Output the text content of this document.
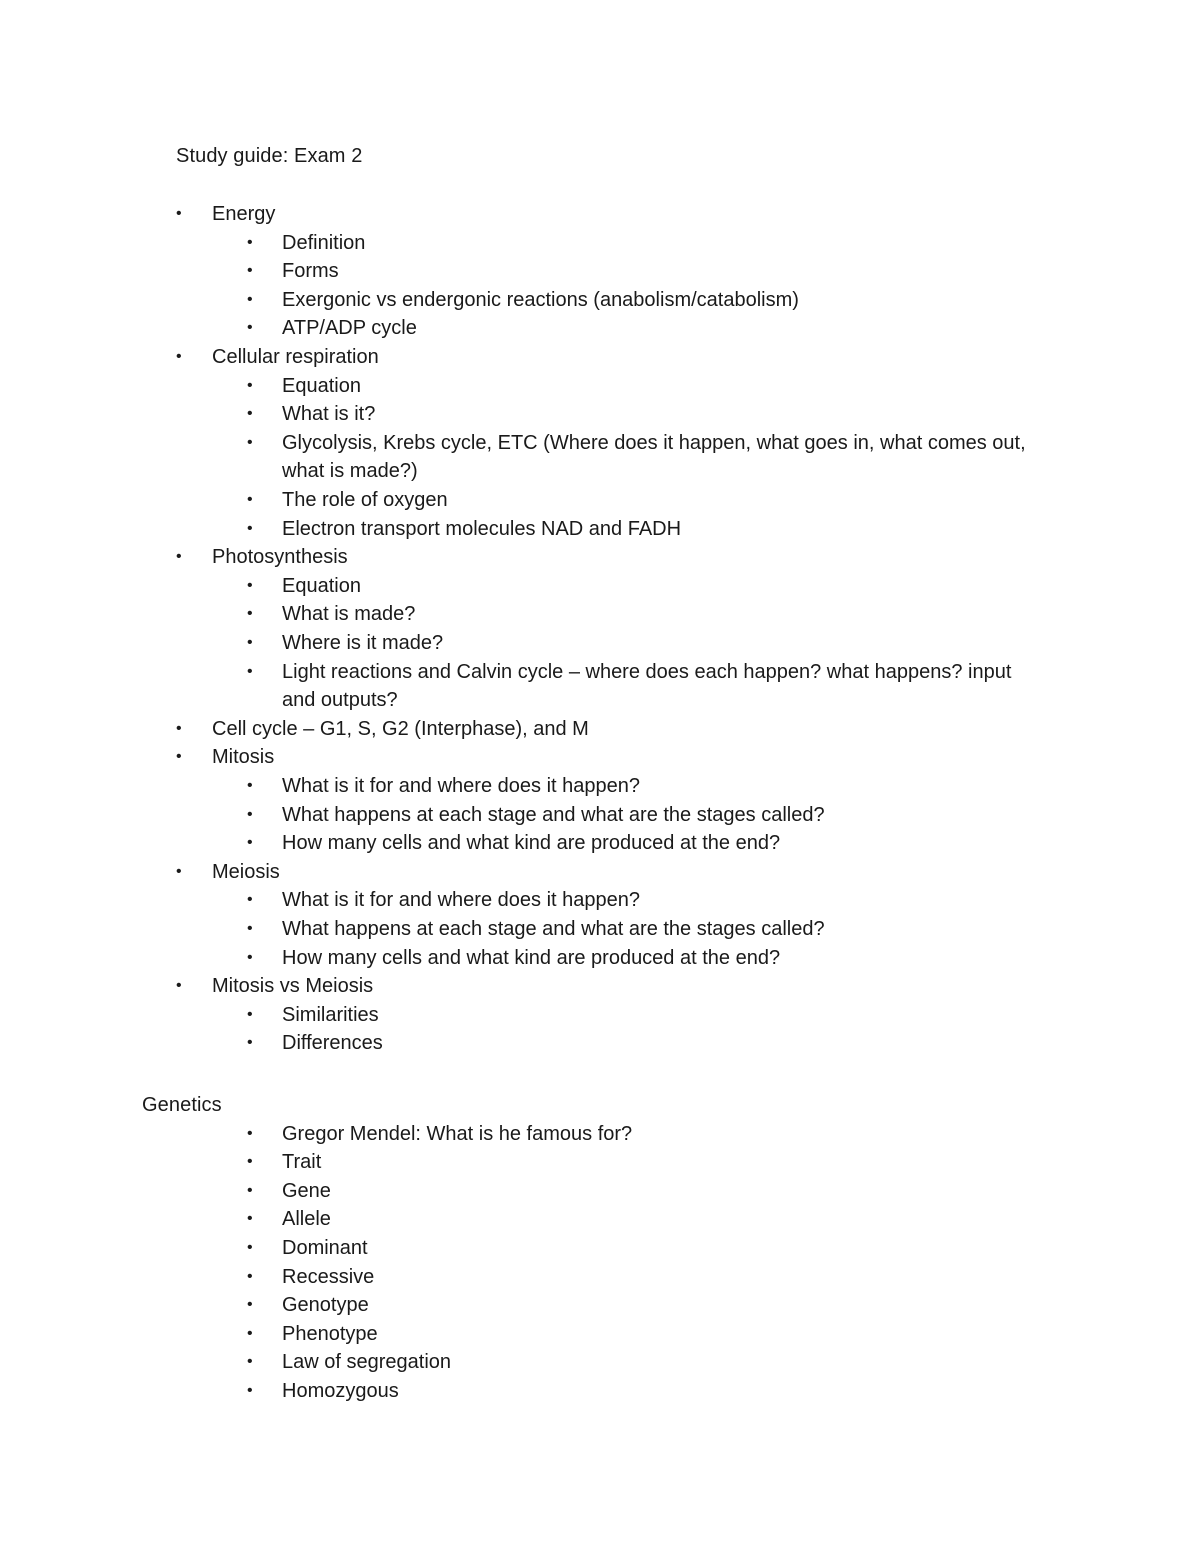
Study guide: Exam 2
•	Energy
•	Definition
•	Forms
•	Exergonic vs endergonic reactions (anabolism/catabolism)
•	ATP/ADP cycle
•	Cellular respiration
•	Equation
•	What is it?
•	Glycolysis, Krebs cycle, ETC (Where does it happen, what goes in, what comes out, what is made?)
•	The role of oxygen
•	Electron transport molecules NAD and FADH
•	Photosynthesis
•	Equation
•	What is made?
•	Where is it made?
•	Light reactions and Calvin cycle – where does each happen? what happens? input and outputs?
•	Cell cycle – G1, S, G2 (Interphase), and M
•	Mitosis
•	What is it for and where does it happen?
•	What happens at each stage and what are the stages called?
•	How many cells and what kind are produced at the end?
•	Meiosis
•	What is it for and where does it happen?
•	What happens at each stage and what are the stages called?
•	How many cells and what kind are produced at the end?
•	Mitosis vs Meiosis
•	Similarities
•	Differences
Genetics
•	Gregor Mendel: What is he famous for?
•	Trait
•	Gene
•	Allele
•	Dominant
•	Recessive
•	Genotype
•	Phenotype
•	Law of segregation
•	Homozygous
